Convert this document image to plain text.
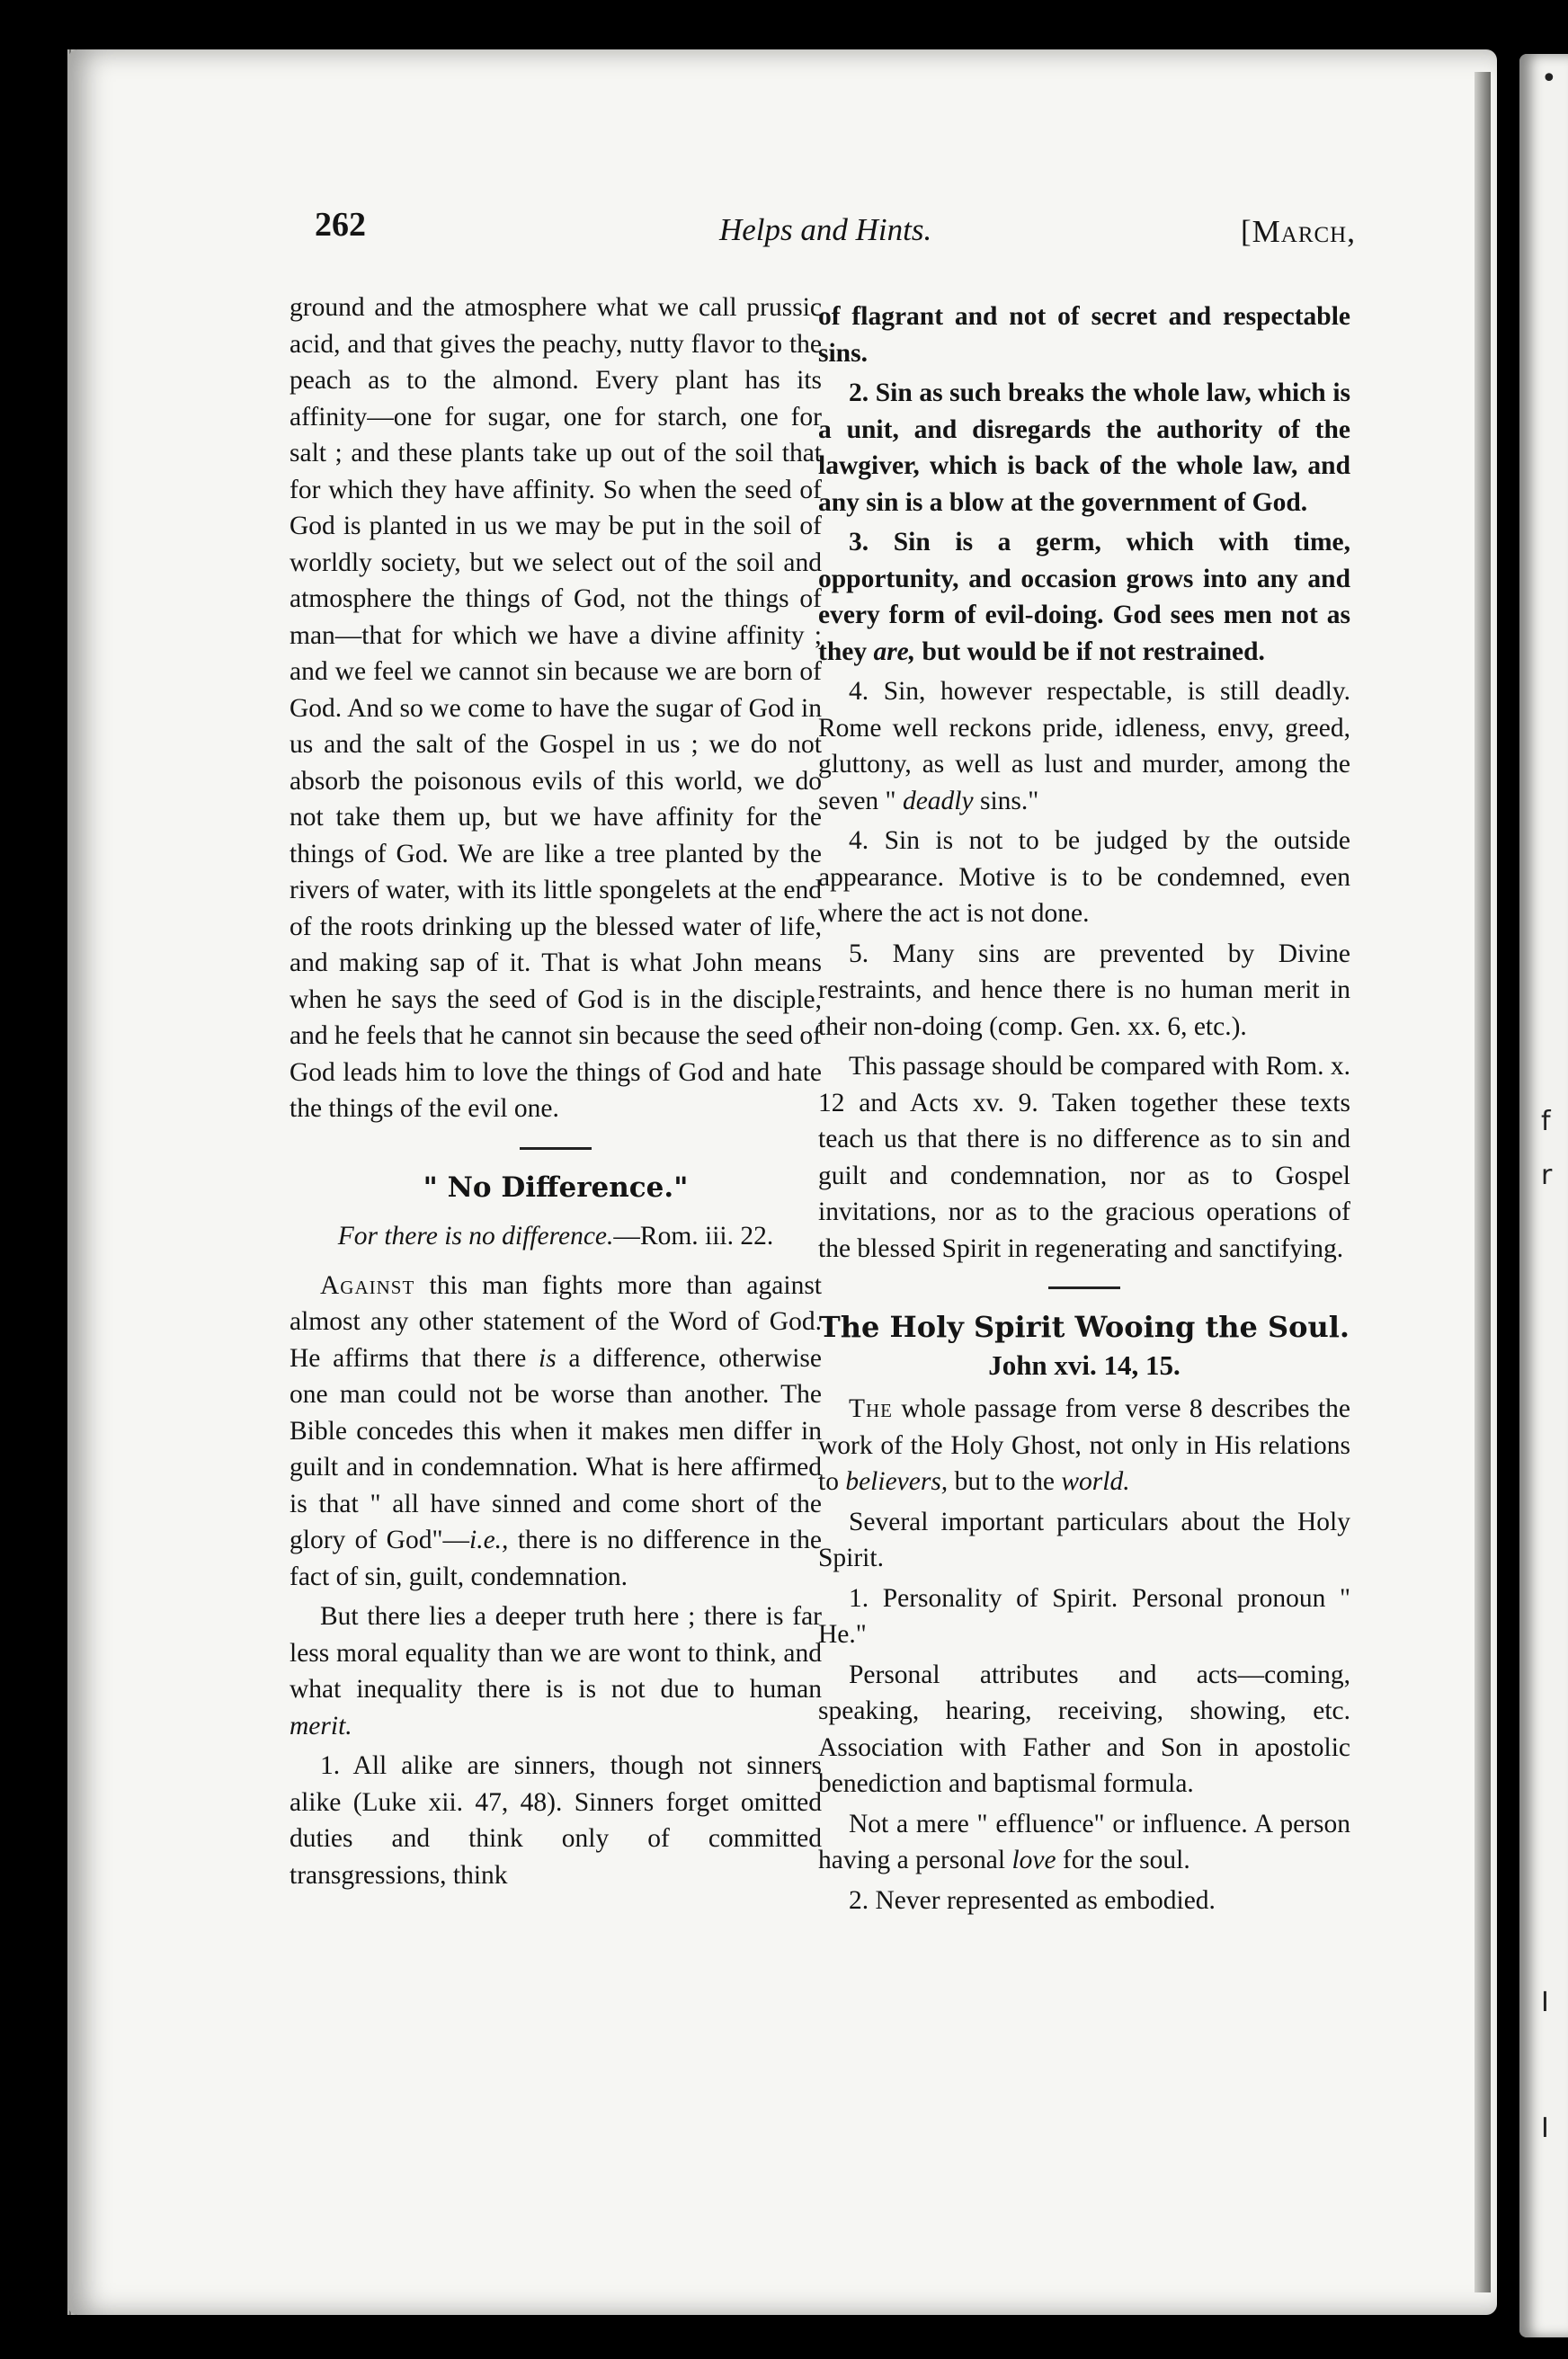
•
f
r
I
I
262	Helps and Hints.	[March,

ground and the atmosphere what we call prussic acid, and that gives the peachy, nutty flavor to the peach as to the almond. Every plant has its affinity—one for sugar, one for starch, one for salt ; and these plants take up out of the soil that for which they have affinity. So when the seed of God is planted in us we may be put in the soil of worldly society, but we select out of the soil and atmosphere the things of God, not the things of man—that for which we have a divine affinity ; and we feel we cannot sin because we are born of God. And so we come to have the sugar of God in us and the salt of the Gospel in us ; we do not absorb the poisonous evils of this world, we do not take them up, but we have affinity for the things of God. We are like a tree planted by the rivers of water, with its little spongelets at the end of the roots drinking up the blessed water of life, and making sap of it. That is what John means when he says the seed of God is in the disciple, and he feels that he cannot sin because the seed of God leads him to love the things of God and hate the things of the evil one.

" No Difference."
For there is no difference.—Rom. iii. 22.

Against this man fights more than against almost any other statement of the Word of God. He affirms that there is a difference, otherwise one man could not be worse than another. The Bible concedes this when it makes men differ in guilt and in condemnation. What is here affirmed is that " all have sinned and come short of the glory of God"—i.e., there is no difference in the fact of sin, guilt, condemnation.

But there lies a deeper truth here ; there is far less moral equality than we are wont to think, and what inequality there is is not due to human merit.

1. All alike are sinners, though not sinners alike (Luke xii. 47, 48). Sinners forget omitted duties and think only of committed transgressions, think

of flagrant and not of secret and respectable sins.

2. Sin as such breaks the whole law, which is a unit, and disregards the authority of the lawgiver, which is back of the whole law, and any sin is a blow at the government of God.

3. Sin is a germ, which with time, opportunity, and occasion grows into any and every form of evil-doing. God sees men not as they are, but would be if not restrained.

4. Sin, however respectable, is still deadly. Rome well reckons pride, idleness, envy, greed, gluttony, as well as lust and murder, among the seven " deadly sins."

4. Sin is not to be judged by the outside appearance. Motive is to be condemned, even where the act is not done.

5. Many sins are prevented by Divine restraints, and hence there is no human merit in their non-doing (comp. Gen. xx. 6, etc.).

This passage should be compared with Rom. x. 12 and Acts xv. 9. Taken together these texts teach us that there is no difference as to sin and guilt and condemnation, nor as to Gospel invitations, nor as to the gracious operations of the blessed Spirit in regenerating and sanctifying.

The Holy Spirit Wooing the Soul.
John xvi. 14, 15.

The whole passage from verse 8 describes the work of the Holy Ghost, not only in His relations to believers, but to the world.

Several important particulars about the Holy Spirit.

1. Personality of Spirit. Personal pronoun " He."

Personal attributes and acts—coming, speaking, hearing, receiving, showing, etc. Association with Father and Son in apostolic benediction and baptismal formula.

Not a mere " effluence" or influence. A person having a personal love for the soul.

2. Never represented as embodied.
